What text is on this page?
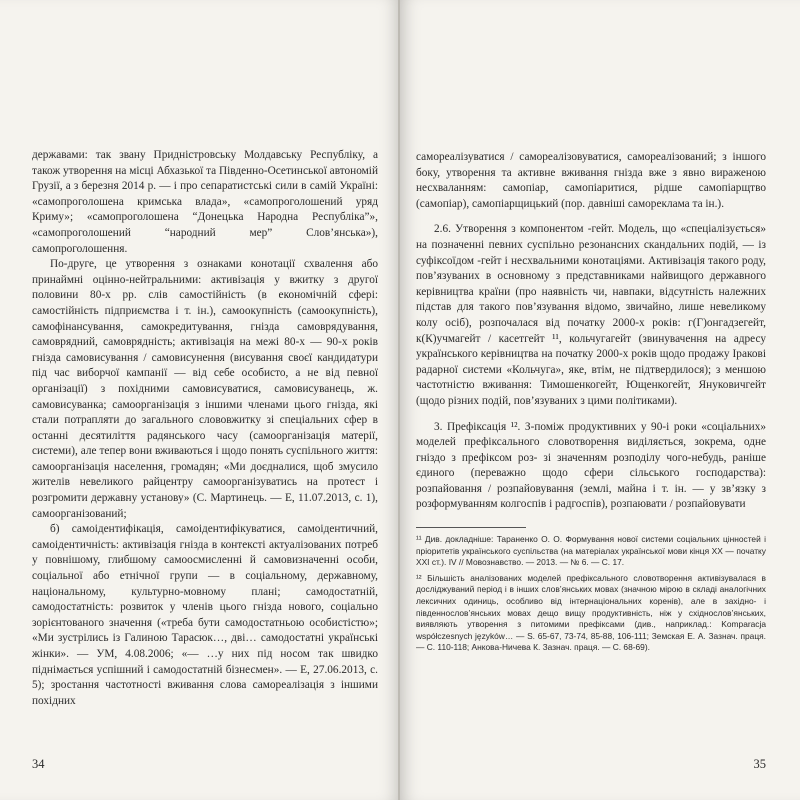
державами: так звану Придністровську Молдавську Республіку, а також утворення на місці Абхазької та Південно-Осетинської автономій Грузії, а з березня 2014 р. — і про сепаратистські сили в самій Україні: «самопроголошена кримська влада», «самопроголошений уряд Криму»; «самопроголошена “Донецька Народна Республіка”», «самопроголошений “народний мер” Слов’янська»), самопроголошення.

По-друге, це утворення з ознаками конотації схвалення або принаймні оцінно-нейтральними: активізація у вжитку з другої половини 80-х рр. слів самостійність (в економічній сфері: самостійність підприємства і т. ін.), самоокупність (самоокупність), самофінансування, самокредитування, гнізда самоврядування, самоврядний, самоврядність; активізація на межі 80-х — 90-х років гнізда самовисування / самовисунення (висування своєї кандидатури під час виборчої кампанії — від себе особисто, а не від певної організації) з похідними самовисуватися, самовисуванець, ж. самовисуванка; самоорганізація з іншими членами цього гнізда, які стали потрапляти до загального слововжитку зі спеціальних сфер в останні десятиліття радянського часу (самоорганізація матерії, системи), але тепер вони вживаються і щодо понять суспільного життя: самоорганізація населення, громадян; «Ми доєдналися, щоб змусило жителів невеликого райцентру самоорганізуватись на протест і розгромити державну установу» (С. Мартинець. — Е, 11.07.2013, с. 1), самоорганізований;

б) самоідентифікація, самоідентифікуватися, самоідентичний, самоідентичність: активізація гнізда в контексті актуалізованих потреб у повнішому, глибшому самоосмисленні й самовизначенні особи, соціальної або етнічної групи — в соціальному, державному, національному, культурно-мовному плані; самодостатній, самодостатність: розвиток у членів цього гнізда нового, соціально зорієнтованого значення («треба бути самодостатньою особистістю»; «Ми зустрілись із Галиною Тарасюк…, дві… самодостатні українські жінки». — УМ, 4.08.2006; «— …у них під носом так швидко піднімається успішний і самодостатній бізнесмен». — Е, 27.06.2013, с. 5); зростання частотності вживання слова самореалізація з іншими похідних

34

самореалізуватися / самореалізовуватися, самореалізований; з іншого боку, утворення та активне вживання гнізда вже з явно вираженою несхваланням: самопіар, самопіаритися, рідше самопіарщтво (самопіар), самопіарщицький (пор. давніші самореклама та ін.).

2.6. Утворення з компонентом -гейт. Модель, що «спеціалізується» на позначенні певних суспільно резонансних скандальних подій, — із суфіксоїдом -гейт і несхвальними конотаціями. Активізація такого роду, пов’язуваних в основному з представниками найвищого державного керівництва країни (про наявність чи, навпаки, відсутність належних підстав для такого пов’язування відомо, звичайно, лише невеликому колу осіб), розпочалася від початку 2000-х років: г(Г)онгадзегейт, к(К)учмагейт / касетгейт ¹¹, кольчугагейт (звинувачення на адресу українського керівництва на початку 2000-х років щодо продажу Іракові радарної системи «Кольчуга», яке, втім, не підтвердилося); з меншою частотністю вживання: Тимошенкогейт, Ющенкогейт, Януковичгейт (щодо різних подій, пов’язуваних з цими політиками).

3. Префіксація ¹². З-поміж продуктивних у 90-і роки «соціальних» моделей префіксального словотворення виділяється, зокрема, одне гніздо з префіксом роз- зі значенням розподілу чого-небудь, раніше єдиного (переважно щодо сфери сільського господарства): розпайовання / розпайовування (землі, майна і т. ін. — у зв’язку з розформуванням колгоспів і радгоспів), розпаювати / розпайовувати

¹¹ Див. докладніше: Тараненко О. О. Формування нової системи соціальних цінностей і пріоритетів українського суспільства (на матеріалах української мови кінця ХХ — початку ХХІ ст.). IV // Мовознавство. — 2013. — № 6. — С. 17.

¹² Більшість аналізованих моделей префіксального словотворення активізувалася в досліджуваний період і в інших слов’янських мовах (значною мірою в складі аналогічних лексичних одиниць, особливо від інтернаціональних коренів), але в західно- і південнослов’янських мовах дещо вищу продуктивність, ніж у східнослов’янських, виявляють утворення з питомими префіксами (див., наприклад.: Komparacja współczesnych języków… — S. 65-67, 73-74, 85-88, 106-111; Земская Е. А. Зазнач. праця. — С. 110-118; Анкова-Ничева К. Зазнач. праця. — С. 68-69).

35
